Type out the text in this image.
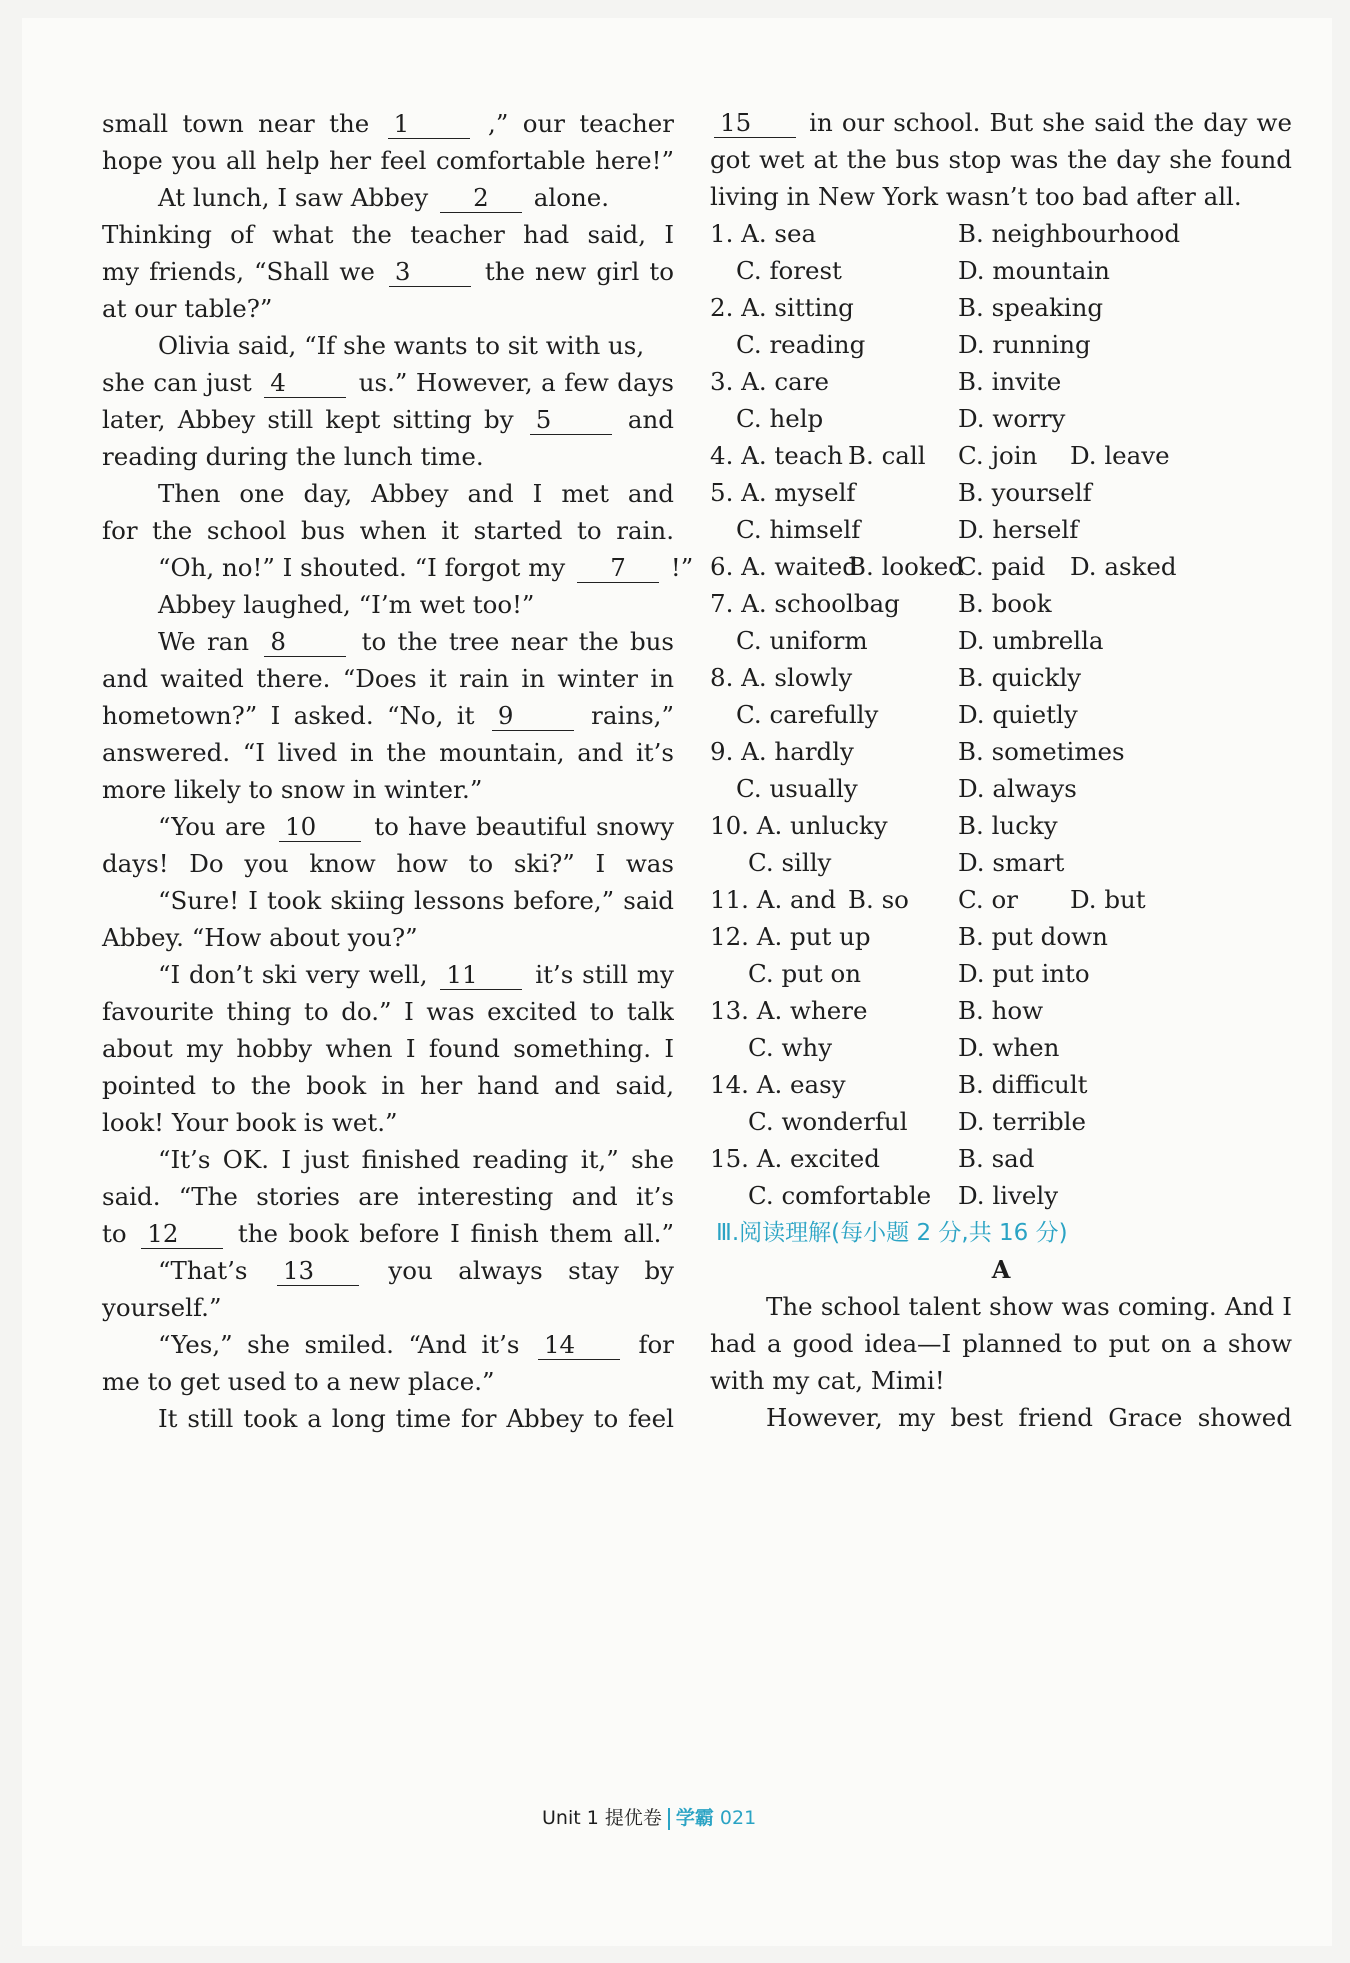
small town near the 1	,” our teacher
hope you all help her feel comfortable here!”
At lunch, I saw Abbey 2 alone.
Thinking of what the teacher had said, I
my friends, “Shall we 3	the new girl to
at our table?”
Olivia said, “If she wants to sit with us,
she can just 4	us.” However, a few days
later, Abbey still kept sitting by 5	and
reading during the lunch time.
Then one day, Abbey and I met and
for the school bus when it started to rain.
“Oh, no!” I shouted. “I forgot my 7 !”
Abbey laughed, “I’m wet too!”
We ran 8	to the tree near the bus
and waited there. “Does it rain in winter in
hometown?” I asked. “No, it 9	rains,”
answered. “I lived in the mountain, and it’s
more likely to snow in winter.”
“You are 10 to have beautiful snowy
days! Do you know how to ski?” I was
“Sure! I took skiing lessons before,” said
Abbey. “How about you?”
“I don’t ski very well, 11 it’s still my
favourite thing to do.” I was excited to talk
about my hobby when I found something. I
pointed to the book in her hand and said,
look! Your book is wet.”
“It’s OK. I just finished reading it,” she
said. “The stories are interesting and it’s
to 12 the book before I finish them all.”
“That’s 13	you always stay by
yourself.”
“Yes,” she smiled. “And it’s 14	for
me to get used to a new place.”
It still took a long time for Abbey to feel
15 in our school. But she said the day we
got wet at the bus stop was the day she found
living in New York wasn’t too bad after all.
1. A. sea	B. neighbourhood
C. forest	D. mountain
2. A. sitting	B. speaking
C. reading	D. running
3. A. care	B. invite
C. help	D. worry
4. A. teach B. call C. join D. leave
5. A. myself	B. yourself
C. himself	D. herself
6. A. waited
B. looked
C. paid D. asked
7. A. schoolbag B. book
C. uniform	D. umbrella
8. A. slowly	B. quickly
C. carefully	D. quietly
9. A. hardly	B. sometimes
C. usually	D. always
10. A. unlucky	B. lucky
C. silly	D. smart
11. A. and B. so C. or D. but
12. A. put up	B. put down
C. put on	D. put into
13. A. where	B. how
C. why	D. when
14. A. easy	B. difficult
C. wonderful D. terrible
15. A. excited	B. sad
C. comfortable D. lively
Ⅲ.阅读理解(每小题 2 分,共 16 分)
A
The school talent show was coming. And I
had a good idea—I planned to put on a show
with my cat, Mimi!
However, my best friend Grace showed
Unit 1 提优卷 学霸 021
